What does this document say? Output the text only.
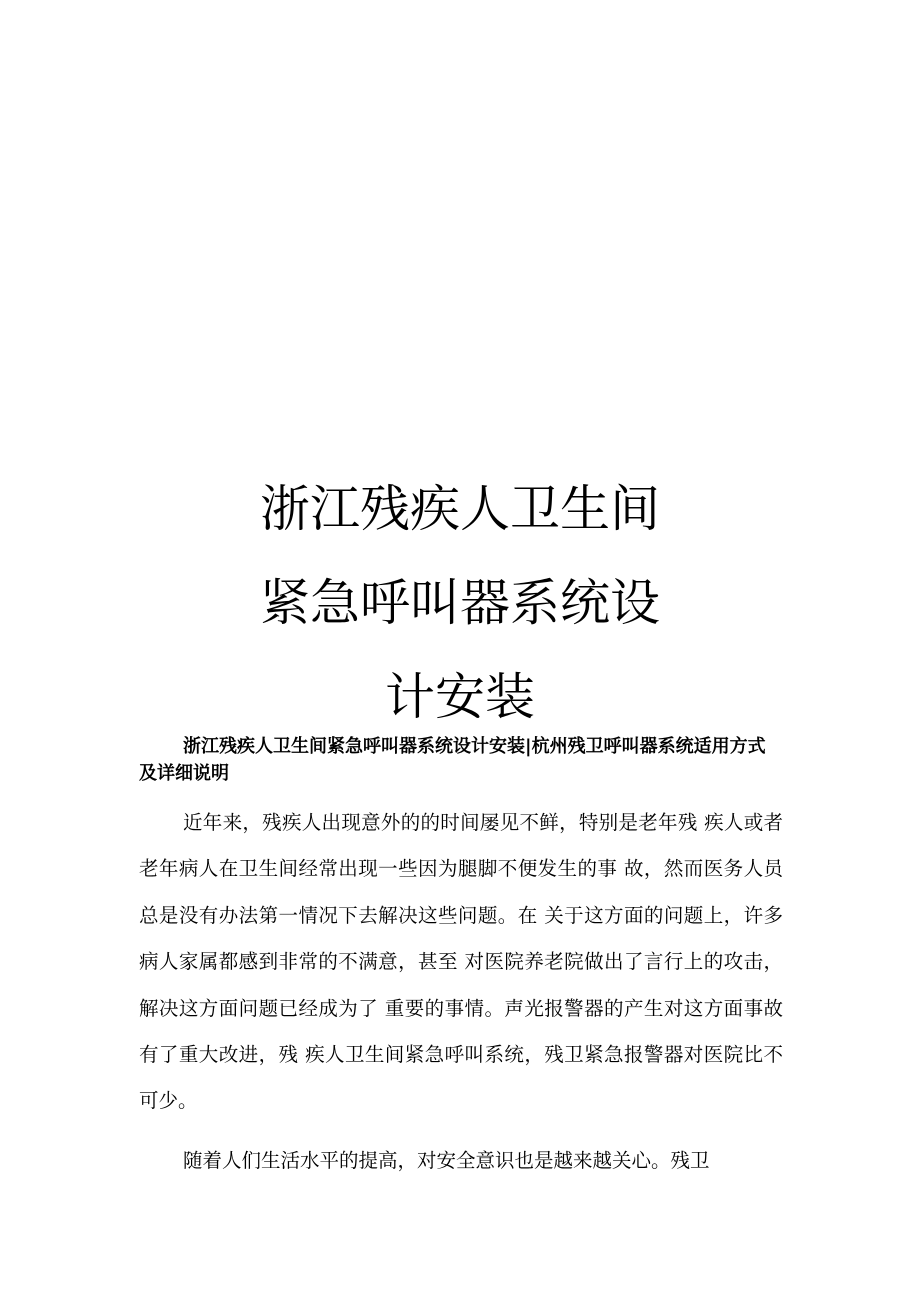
浙江残疾人卫生间
紧急呼叫器系统设
计安装

浙江残疾人卫生间紧急呼叫器系统设计安装|杭州残卫呼叫器系统适用方式及详细说明

近年来，残疾人出现意外的的时间屡见不鲜，特别是老年残 疾人或者老年病人在卫生间经常出现一些因为腿脚不便发生的事 故，然而医务人员总是没有办法第一情况下去解决这些问题。在 关于这方面的问题上，许多病人家属都感到非常的不满意，甚至 对医院养老院做出了言行上的攻击，解决这方面问题已经成为了 重要的事情。声光报警器的产生对这方面事故有了重大改进，残 疾人卫生间紧急呼叫系统，残卫紧急报警器对医院比不可少。

随着人们生活水平的提高，对安全意识也是越来越关心。残卫
